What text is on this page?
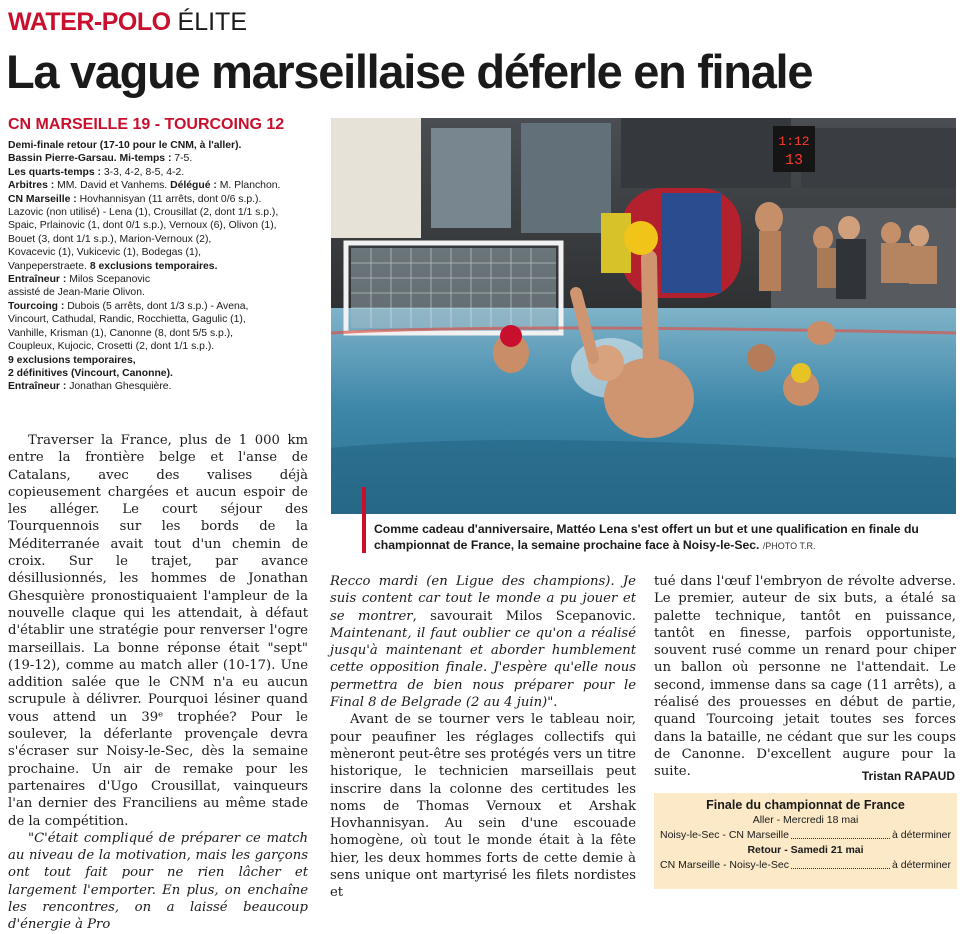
WATER-POLO ÉLITE
La vague marseillaise déferle en finale
CN MARSEILLE 19 - TOURCOING 12
Demi-finale retour (17-10 pour le CNM, à l'aller).
Bassin Pierre-Garsau. Mi-temps : 7-5.
Les quarts-temps : 3-3, 4-2, 8-5, 4-2.
Arbitres : MM. David et Vanhems. Délégué : M. Planchon.
CN Marseille : Hovhannisyan (11 arrêts, dont 0/6 s.p.).
Lazovic (non utilisé) - Lena (1), Crousillat (2, dont 1/1 s.p.),
Spaic, Prlainovic (1, dont 0/1 s.p.), Vernoux (6), Olivon (1),
Bouet (3, dont 1/1 s.p.), Marion-Vernoux (2),
Kovacevic (1), Vukicevic (1), Bodegas (1),
Vanpeperstraete. 8 exclusions temporaires.
Entraîneur : Milos Scepanovic
assisté de Jean-Marie Olivon.
Tourcoing : Dubois (5 arrêts, dont 1/3 s.p.) - Avena,
Vincourt, Cathudal, Randic, Rocchietta, Gagulic (1),
Vanhille, Krisman (1), Canonne (8, dont 5/5 s.p.),
Coupleux, Kujocic, Crosetti (2, dont 1/1 s.p.).
9 exclusions temporaires,
2 définitives (Vincourt, Canonne).
Entraîneur : Jonathan Ghesquière.
1:12
13
Comme cadeau d'anniversaire, Mattéo Lena s'est offert un but et une qualification en finale du championnat de France, la semaine prochaine face à Noisy-le-Sec. /PHOTO T.R.

Traverser la France, plus de 1 000 km entre la frontière belge et l'anse de Catalans, avec des valises déjà copieusement chargées et aucun espoir de les alléger. Le court séjour des Tourquennois sur les bords de la Méditerranée avait tout d'un chemin de croix. Sur le trajet, par avance désillusionnés, les hommes de Jonathan Ghesquière pronostiquaient l'ampleur de la nouvelle claque qui les attendait, à défaut d'établir une stratégie pour renverser l'ogre marseillais. La bonne réponse était "sept" (19-12), comme au match aller (10-17). Une addition salée que le CNM n'a eu aucun scrupule à délivrer. Pourquoi lésiner quand vous attend un 39ᵉ trophée? Pour le soulever, la déferlante provençale devra s'écraser sur Noisy-le-Sec, dès la semaine prochaine. Un air de remake pour les partenaires d'Ugo Crousillat, vainqueurs l'an dernier des Franciliens au même stade de la compétition.

"C'était compliqué de préparer ce match au niveau de la motivation, mais les garçons ont tout fait pour ne rien lâcher et largement l'emporter. En plus, on enchaîne les rencontres, on a laissé beaucoup d'énergie à Pro

Recco mardi (en Ligue des champions). Je suis content car tout le monde a pu jouer et se montrer, savourait Milos Scepanovic. Maintenant, il faut oublier ce qu'on a réalisé jusqu'à maintenant et aborder humblement cette opposition finale. J'espère qu'elle nous permettra de bien nous préparer pour le Final 8 de Belgrade (2 au 4 juin)".

Avant de se tourner vers le tableau noir, pour peaufiner les réglages collectifs qui mèneront peut-être ses protégés vers un titre historique, le technicien marseillais peut inscrire dans la colonne des certitudes les noms de Thomas Vernoux et Arshak Hovhannisyan. Au sein d'une escouade homogène, où tout le monde était à la fête hier, les deux hommes forts de cette demie à sens unique ont martyrisé les filets nordistes et

tué dans l'œuf l'embryon de révolte adverse. Le premier, auteur de six buts, a étalé sa palette technique, tantôt en puissance, tantôt en finesse, parfois opportuniste, souvent rusé comme un renard pour chiper un ballon où personne ne l'attendait. Le second, immense dans sa cage (11 arrêts), a réalisé des prouesses en début de partie, quand Tourcoing jetait toutes ses forces dans la bataille, ne cédant que sur les coups de Canonne. D'excellent augure pour la suite.	Tristan RAPAUD
Finale du championnat de France
Aller - Mercredi 18 mai
Noisy-le-Sec - CN Marseille	à déterminer
Retour - Samedi 21 mai
CN Marseille - Noisy-le-Sec	à déterminer
